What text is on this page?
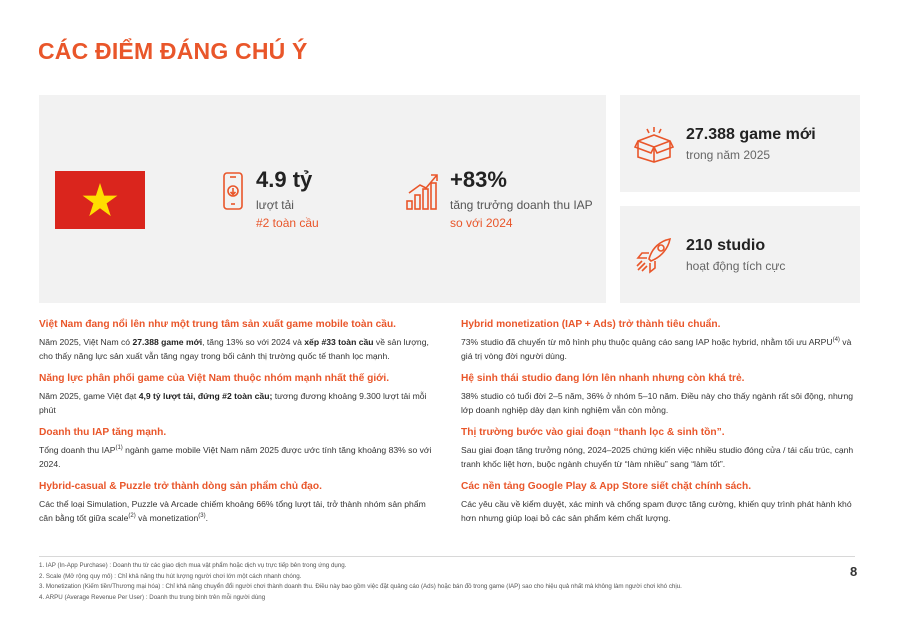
CÁC ĐIỂM ĐÁNG CHÚ Ý
4.9 tỷ
lượt tải
#2 toàn cầu
+83%
tăng trưởng doanh thu IAP
so với 2024
27.388 game mới
trong năm 2025
210 studio
hoạt động tích cực
Việt Nam đang nổi lên như một trung tâm sản xuất game mobile toàn cầu.
Năm 2025, Việt Nam có 27.388 game mới, tăng 13% so với 2024 và xếp #33 toàn cầu về sản lượng, cho thấy năng lực sản xuất vẫn tăng ngay trong bối cảnh thị trường quốc tế thanh lọc mạnh.
Năng lực phân phối game của Việt Nam thuộc nhóm mạnh nhất thế giới.
Năm 2025, game Việt đạt 4,9 tỷ lượt tải, đứng #2 toàn cầu; tương đương khoảng 9.300 lượt tải mỗi phút
Doanh thu IAP tăng mạnh.
Tổng doanh thu IAP$^{(1)}$ ngành game mobile Việt Nam năm 2025 được ước tính tăng khoảng 83% so với 2024.
Hybrid-casual & Puzzle trở thành dòng sản phẩm chủ đạo.
Các thể loại Simulation, Puzzle và Arcade chiếm khoảng 66% tổng lượt tải, trở thành nhóm sản phẩm cân bằng tốt giữa scale$^{(2)}$ và monetization$^{(3)}$.
Hybrid monetization (IAP + Ads) trở thành tiêu chuẩn.
73% studio đã chuyển từ mô hình phụ thuộc quảng cáo sang IAP hoặc hybrid, nhằm tối ưu ARPU$^{(4)}$ và giá trị vòng đời người dùng.
Hệ sinh thái studio đang lớn lên nhanh nhưng còn khá trẻ.
38% studio có tuổi đời 2–5 năm, 36% ở nhóm 5–10 năm. Điều này cho thấy ngành rất sôi động, nhưng lớp doanh nghiệp dày dạn kinh nghiệm vẫn còn mỏng.
Thị trường bước vào giai đoạn “thanh lọc & sinh tồn”.
Sau giai đoạn tăng trưởng nóng, 2024–2025 chứng kiến việc nhiều studio đóng cửa / tái cấu trúc, cạnh tranh khốc liệt hơn, buộc ngành chuyển từ “làm nhiều” sang “làm tốt”.
Các nền tảng Google Play & App Store siết chặt chính sách.
Các yêu cầu về kiểm duyệt, xác minh và chống spam được tăng cường, khiến quy trình phát hành khó hơn nhưng giúp loại bỏ các sản phẩm kém chất lượng.
1. IAP (In-App Purchase) : Doanh thu từ các giao dịch mua vật phẩm hoặc dịch vụ trực tiếp bên trong ứng dụng.
2. Scale (Mở rộng quy mô) : Chỉ khả năng thu hút lượng người chơi lớn một cách nhanh chóng.
3. Monetization (Kiếm tiền/Thương mại hóa) : Chỉ khả năng chuyển đổi người chơi thành doanh thu. Điều này bao gồm việc đặt quảng cáo (Ads) hoặc bán đồ trong game (IAP) sao cho hiệu quả nhất mà không làm người chơi khó chịu.
4. ARPU (Average Revenue Per User) : Doanh thu trung bình trên mỗi người dùng
8
